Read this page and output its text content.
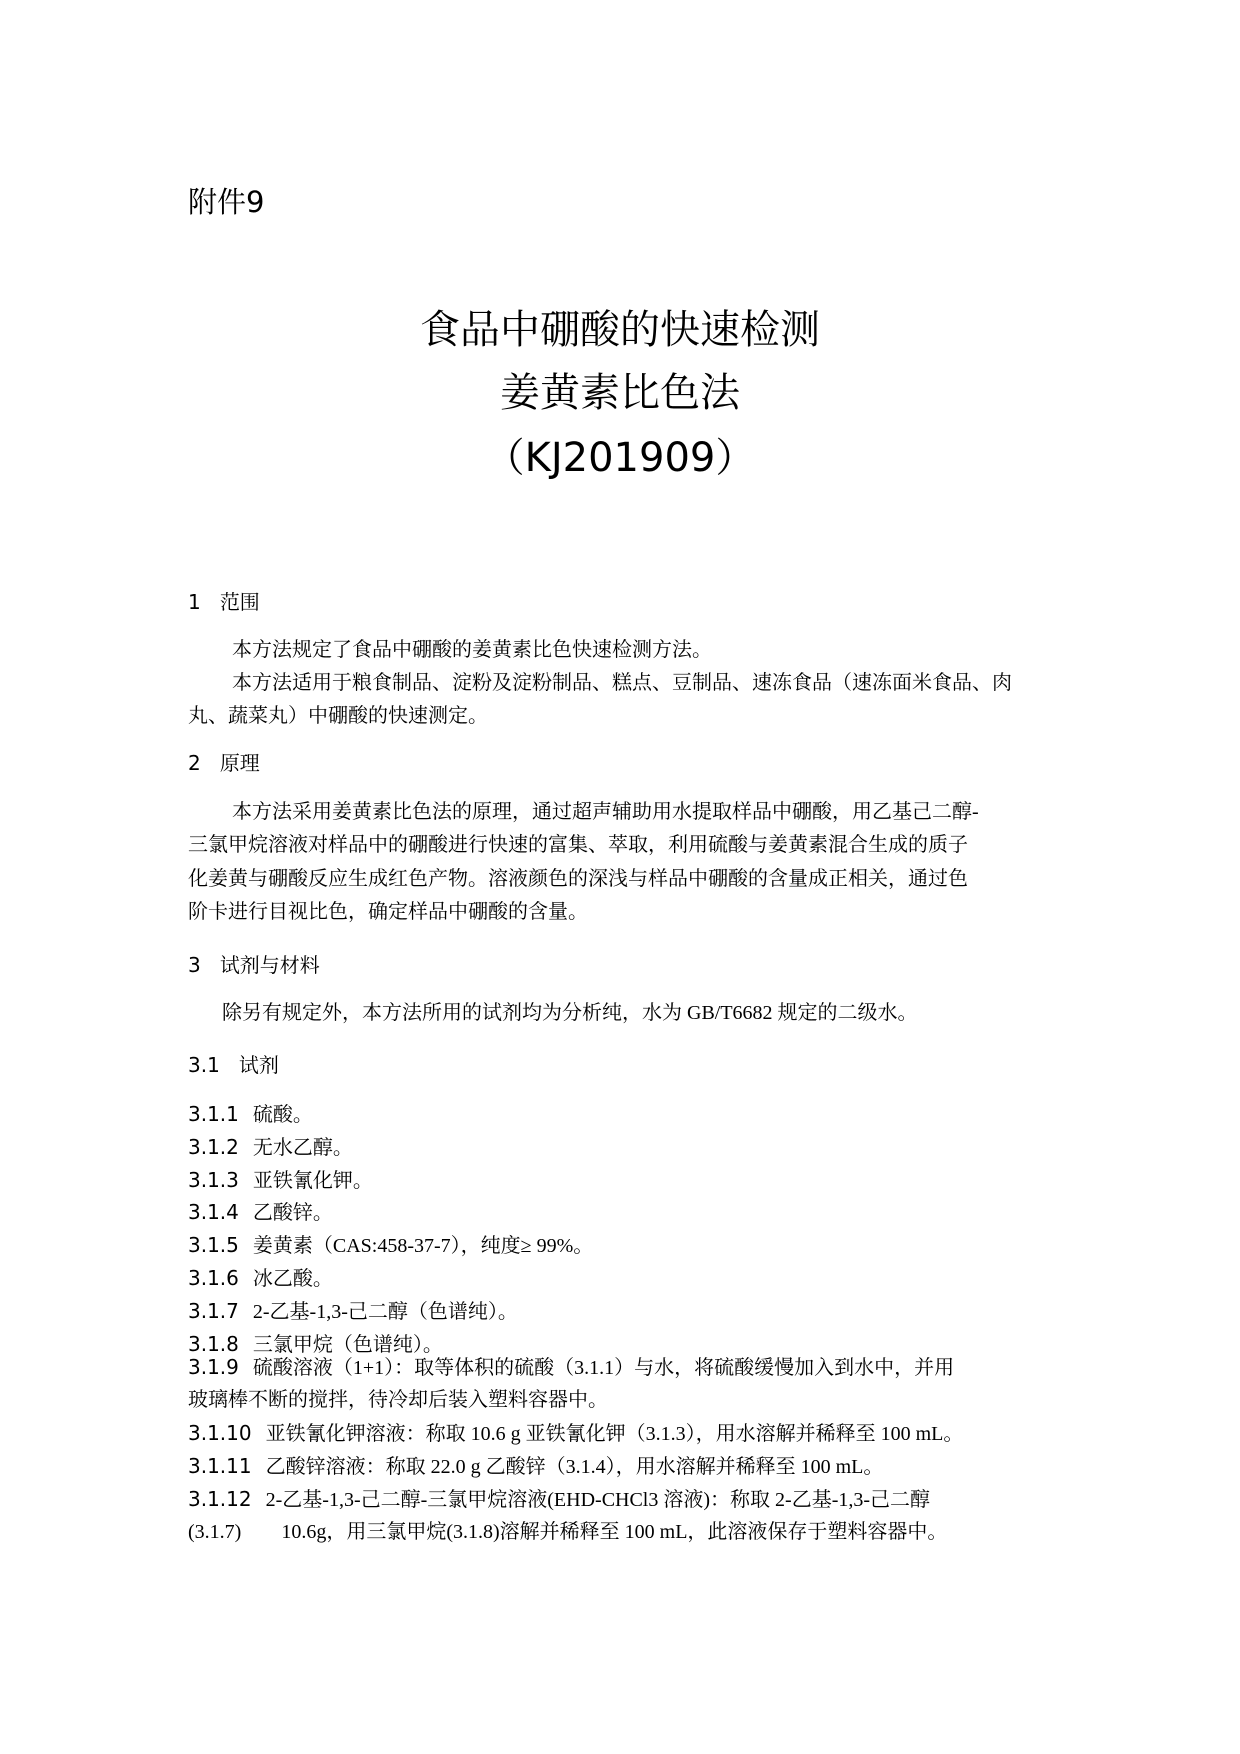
附件9
食品中硼酸的快速检测
姜黄素比色法
（KJ201909）
1 范围
本方法规定了食品中硼酸的姜黄素比色快速检测方法。
本方法适用于粮食制品、淀粉及淀粉制品、糕点、豆制品、速冻食品（速冻面米食品、肉
丸、蔬菜丸）中硼酸的快速测定。
2 原理
本方法采用姜黄素比色法的原理，通过超声辅助用水提取样品中硼酸，用乙基己二醇-
三氯甲烷溶液对样品中的硼酸进行快速的富集、萃取，利用硫酸与姜黄素混合生成的质子
化姜黄与硼酸反应生成红色产物。溶液颜色的深浅与样品中硼酸的含量成正相关，通过色
阶卡进行目视比色，确定样品中硼酸的含量。
3 试剂与材料
除另有规定外，本方法所用的试剂均为分析纯，水为 GB/T6682 规定的二级水。
3.1 试剂
3.1.1 硫酸。
3.1.2 无水乙醇。
3.1.3 亚铁氰化钾。
3.1.4 乙酸锌。
3.1.5 姜黄素（CAS:458-37-7），纯度≥ 99%。
3.1.6 冰乙酸。
3.1.7 2-乙基-1,3-己二醇（色谱纯）。
3.1.8 三氯甲烷（色谱纯）。
3.1.9 硫酸溶液（1+1）：取等体积的硫酸（3.1.1）与水，将硫酸缓慢加入到水中，并用
玻璃棒不断的搅拌，待冷却后装入塑料容器中。
3.1.10 亚铁氰化钾溶液：称取 10.6 g 亚铁氰化钾（3.1.3），用水溶解并稀释至 100 mL。
3.1.11 乙酸锌溶液：称取 22.0 g 乙酸锌（3.1.4），用水溶解并稀释至 100 mL。
3.1.12 2-乙基-1,3-己二醇-三氯甲烷溶液(EHD-CHCl3 溶液)：称取 2-乙基-1,3-己二醇
(3.1.7)　　10.6g，用三氯甲烷(3.1.8)溶解并稀释至 100 mL，此溶液保存于塑料容器中。
